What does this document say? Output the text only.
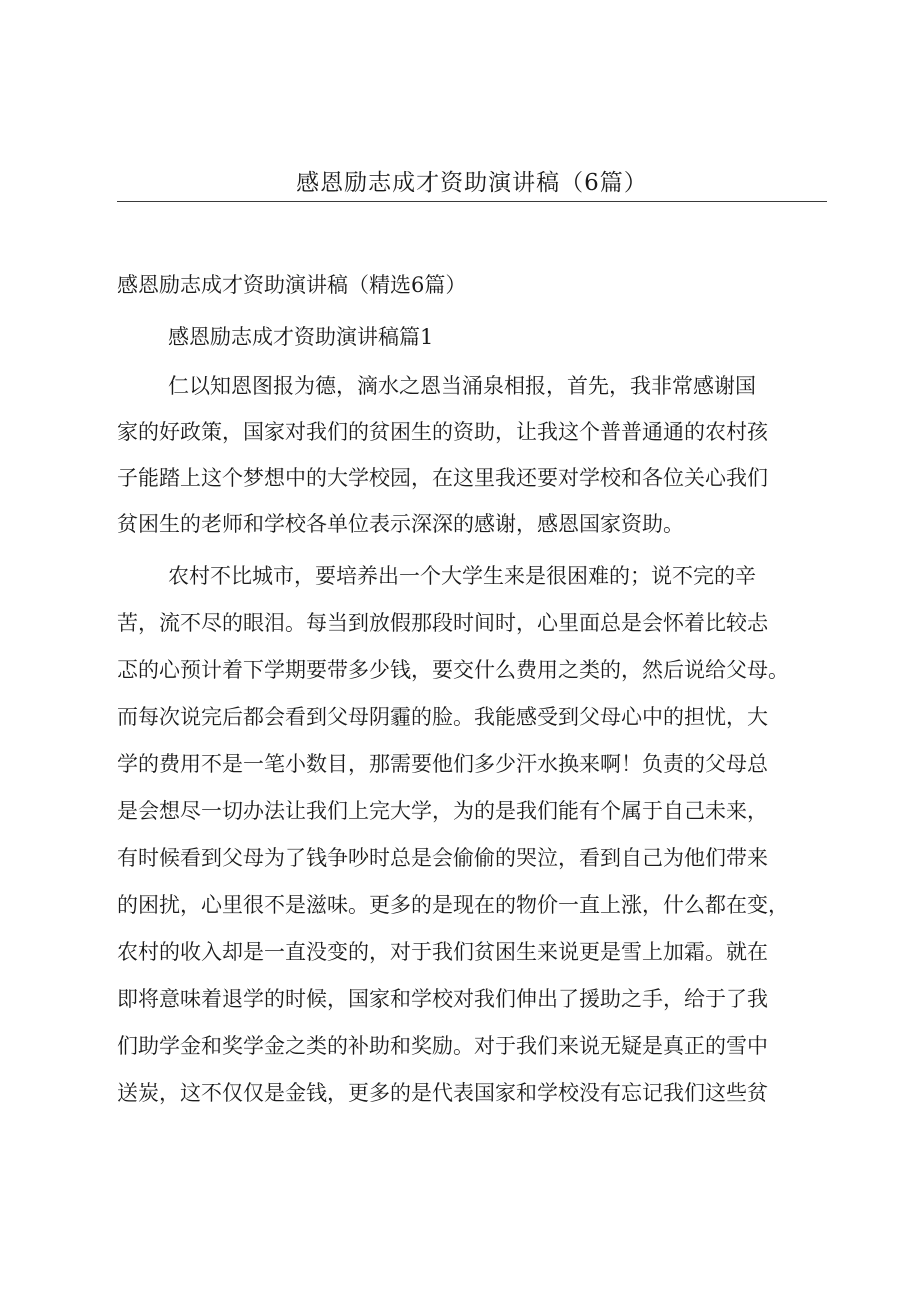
感恩励志成才资助演讲稿（6篇）
感恩励志成才资助演讲稿（精选6篇）
感恩励志成才资助演讲稿篇1
仁以知恩图报为德，滴水之恩当涌泉相报，首先，我非常感谢国
家的好政策，国家对我们的贫困生的资助，让我这个普普通通的农村孩
子能踏上这个梦想中的大学校园，在这里我还要对学校和各位关心我们
贫困生的老师和学校各单位表示深深的感谢，感恩国家资助。
农村不比城市，要培养出一个大学生来是很困难的；说不完的辛
苦，流不尽的眼泪。每当到放假那段时间时，心里面总是会怀着比较忐
忑的心预计着下学期要带多少钱，要交什么费用之类的，然后说给父母。
而每次说完后都会看到父母阴霾的脸。我能感受到父母心中的担忧，大
学的费用不是一笔小数目，那需要他们多少汗水换来啊！负责的父母总
是会想尽一切办法让我们上完大学，为的是我们能有个属于自己未来，
有时候看到父母为了钱争吵时总是会偷偷的哭泣，看到自己为他们带来
的困扰，心里很不是滋味。更多的是现在的物价一直上涨，什么都在变，
农村的收入却是一直没变的，对于我们贫困生来说更是雪上加霜。就在
即将意味着退学的时候，国家和学校对我们伸出了援助之手，给于了我
们助学金和奖学金之类的补助和奖励。对于我们来说无疑是真正的雪中
送炭，这不仅仅是金钱，更多的是代表国家和学校没有忘记我们这些贫
